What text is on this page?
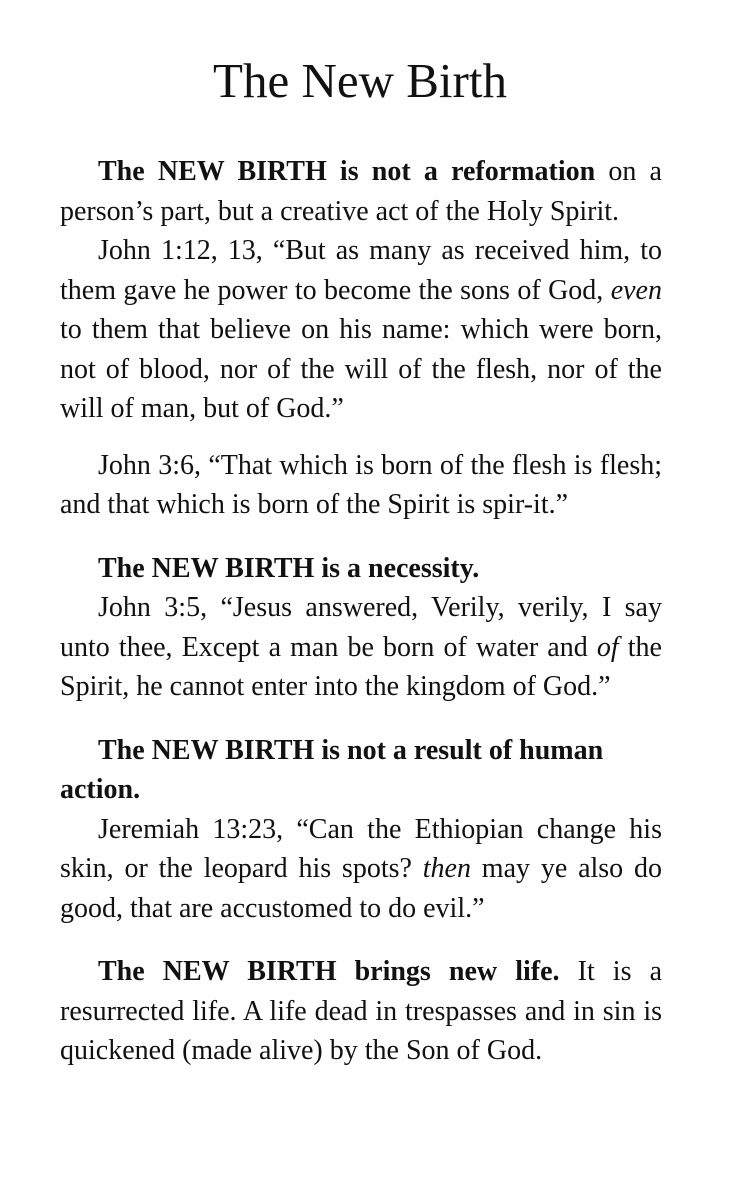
The New Birth

The NEW BIRTH is not a reformation on a person’s part, but a creative act of the Holy Spirit.

John 1:12, 13, “But as many as received him, to them gave he power to become the sons of God, even to them that believe on his name: which were born, not of blood, nor of the will of the flesh, nor of the will of man, but of God.”

John 3:6, “That which is born of the flesh is flesh; and that which is born of the Spirit is spir-it.”

The NEW BIRTH is a necessity.

John 3:5, “Jesus answered, Verily, verily, I say unto thee, Except a man be born of water and of the Spirit, he cannot enter into the kingdom of God.”

The NEW BIRTH is not a result of human action.

Jeremiah 13:23, “Can the Ethiopian change his skin, or the leopard his spots? then may ye also do good, that are accustomed to do evil.”

The NEW BIRTH brings new life. It is a resurrected life. A life dead in trespasses and in sin is quickened (made alive) by the Son of God.
